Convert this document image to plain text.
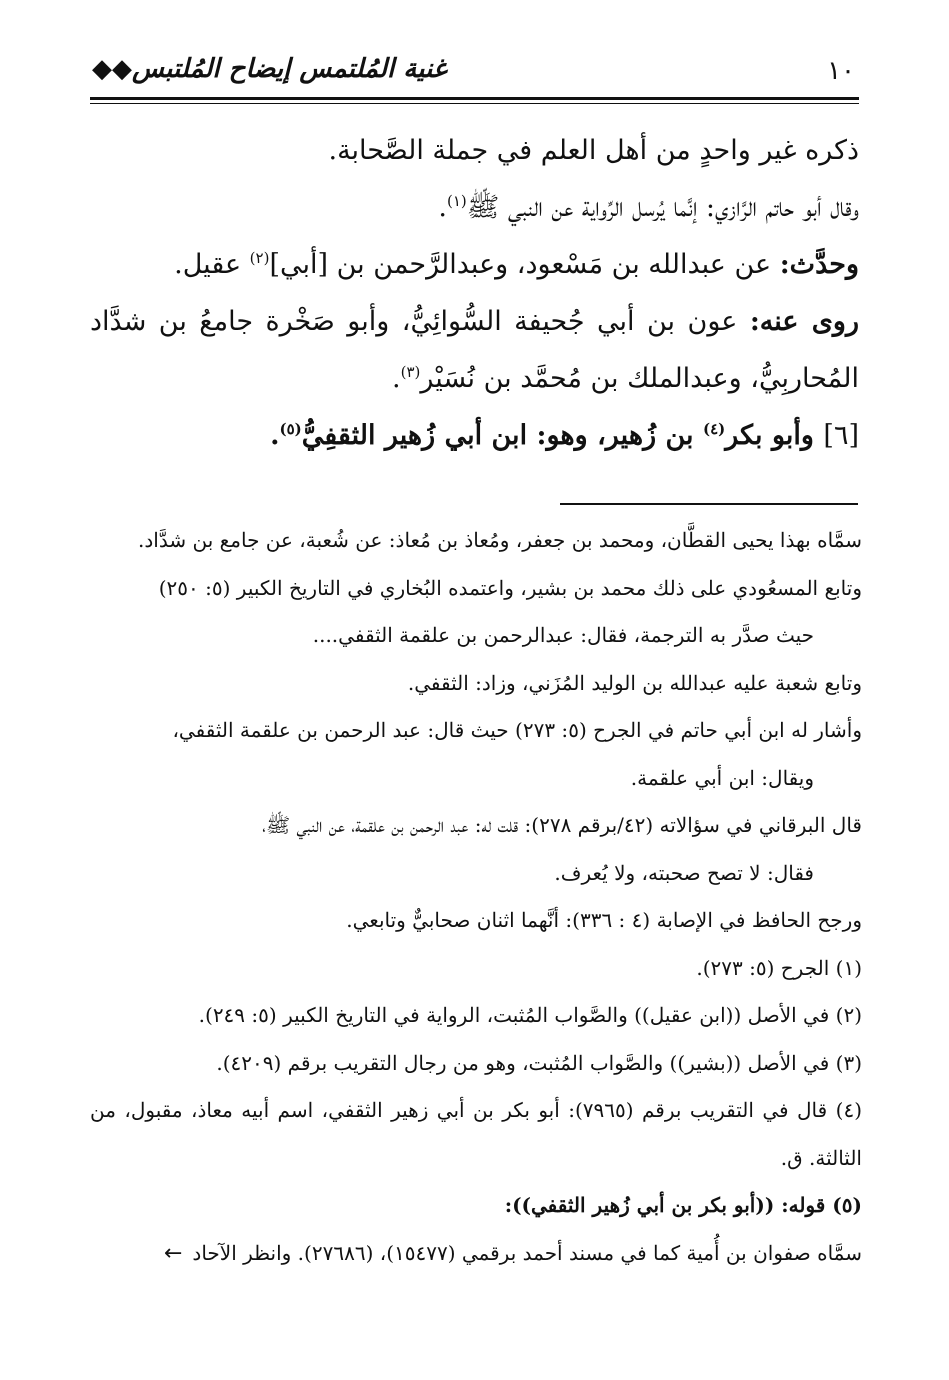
١٠
غنية المُلتمس إيضاح المُلتبس◆◆

ذكره غير واحدٍ من أهل العلم في جملة الصَّحابة.

وقال أبو حاتم الرَّازي: إنَّما يُرسل الرِّواية عن النبي ﷺ$^{(١)}$.

وحدَّث: عن عبدالله بن مَسْعود، وعبدالرَّحمن بن [أبي]$^{(٢)}$ عقيل.

روى عنه: عون بن أبي جُحيفة السُّوائِيُّ، وأبو صَخْرة جامعُ بن شدَّاد المُحاربِيُّ، وعبدالملك بن مُحمَّد بن نُسَيْر$^{(٣)}$.

[٦] وأبو بكر$^{(٤)}$ بن زُهير، وهو: ابن أبي زُهير الثقفِيُّ$^{(٥)}$.

سمَّاه بهذا يحيى القطَّان، ومحمد بن جعفر، ومُعاذ بن مُعاذ: عن شُعبة، عن جامع بن شدَّاد.

وتابع المسعُودي على ذلك محمد بن بشير، واعتمده البُخاري في التاريخ الكبير (٥: ٢٥٠)

حيث صدَّر به الترجمة، فقال: عبدالرحمن بن علقمة الثقفي....

وتابع شعبة عليه عبدالله بن الوليد المُزَني، وزاد: الثقفي.

وأشار له ابن أبي حاتم في الجرح (٥: ٢٧٣) حيث قال: عبد الرحمن بن علقمة الثقفي،

ويقال: ابن أبي علقمة.

قال البرقاني في سؤالاته (٤٢/برقم ٢٧٨): قلت له: عبد الرحمن بن علقمة، عن النبي ﷺ،

فقال: لا تصح صحبته، ولا يُعرف.

ورجح الحافظ في الإصابة (٤ : ٣٣٦): أنَّهما اثنان صحابيٌّ وتابعي.

(١) الجرح (٥: ٢٧٣).

(٢) في الأصل ((ابن عقيل)) والصَّواب المُثبت، الرواية في التاريخ الكبير (٥: ٢٤٩).

(٣) في الأصل ((بشير)) والصَّواب المُثبت، وهو من رجال التقريب برقم (٤٢٠٩).

(٤) قال في التقريب برقم (٧٩٦٥): أبو بكر بن أبي زهير الثقفي، اسم أبيه معاذ، مقبول، من الثالثة. ق.

(٥) قوله: ((أبو بكر بن أبي زُهير الثقفي)):

سمَّاه صفوان بن أُمية كما في مسند أحمد برقمي (١٥٤٧٧)، (٢٧٦٨٦). وانظر الآحاد←
